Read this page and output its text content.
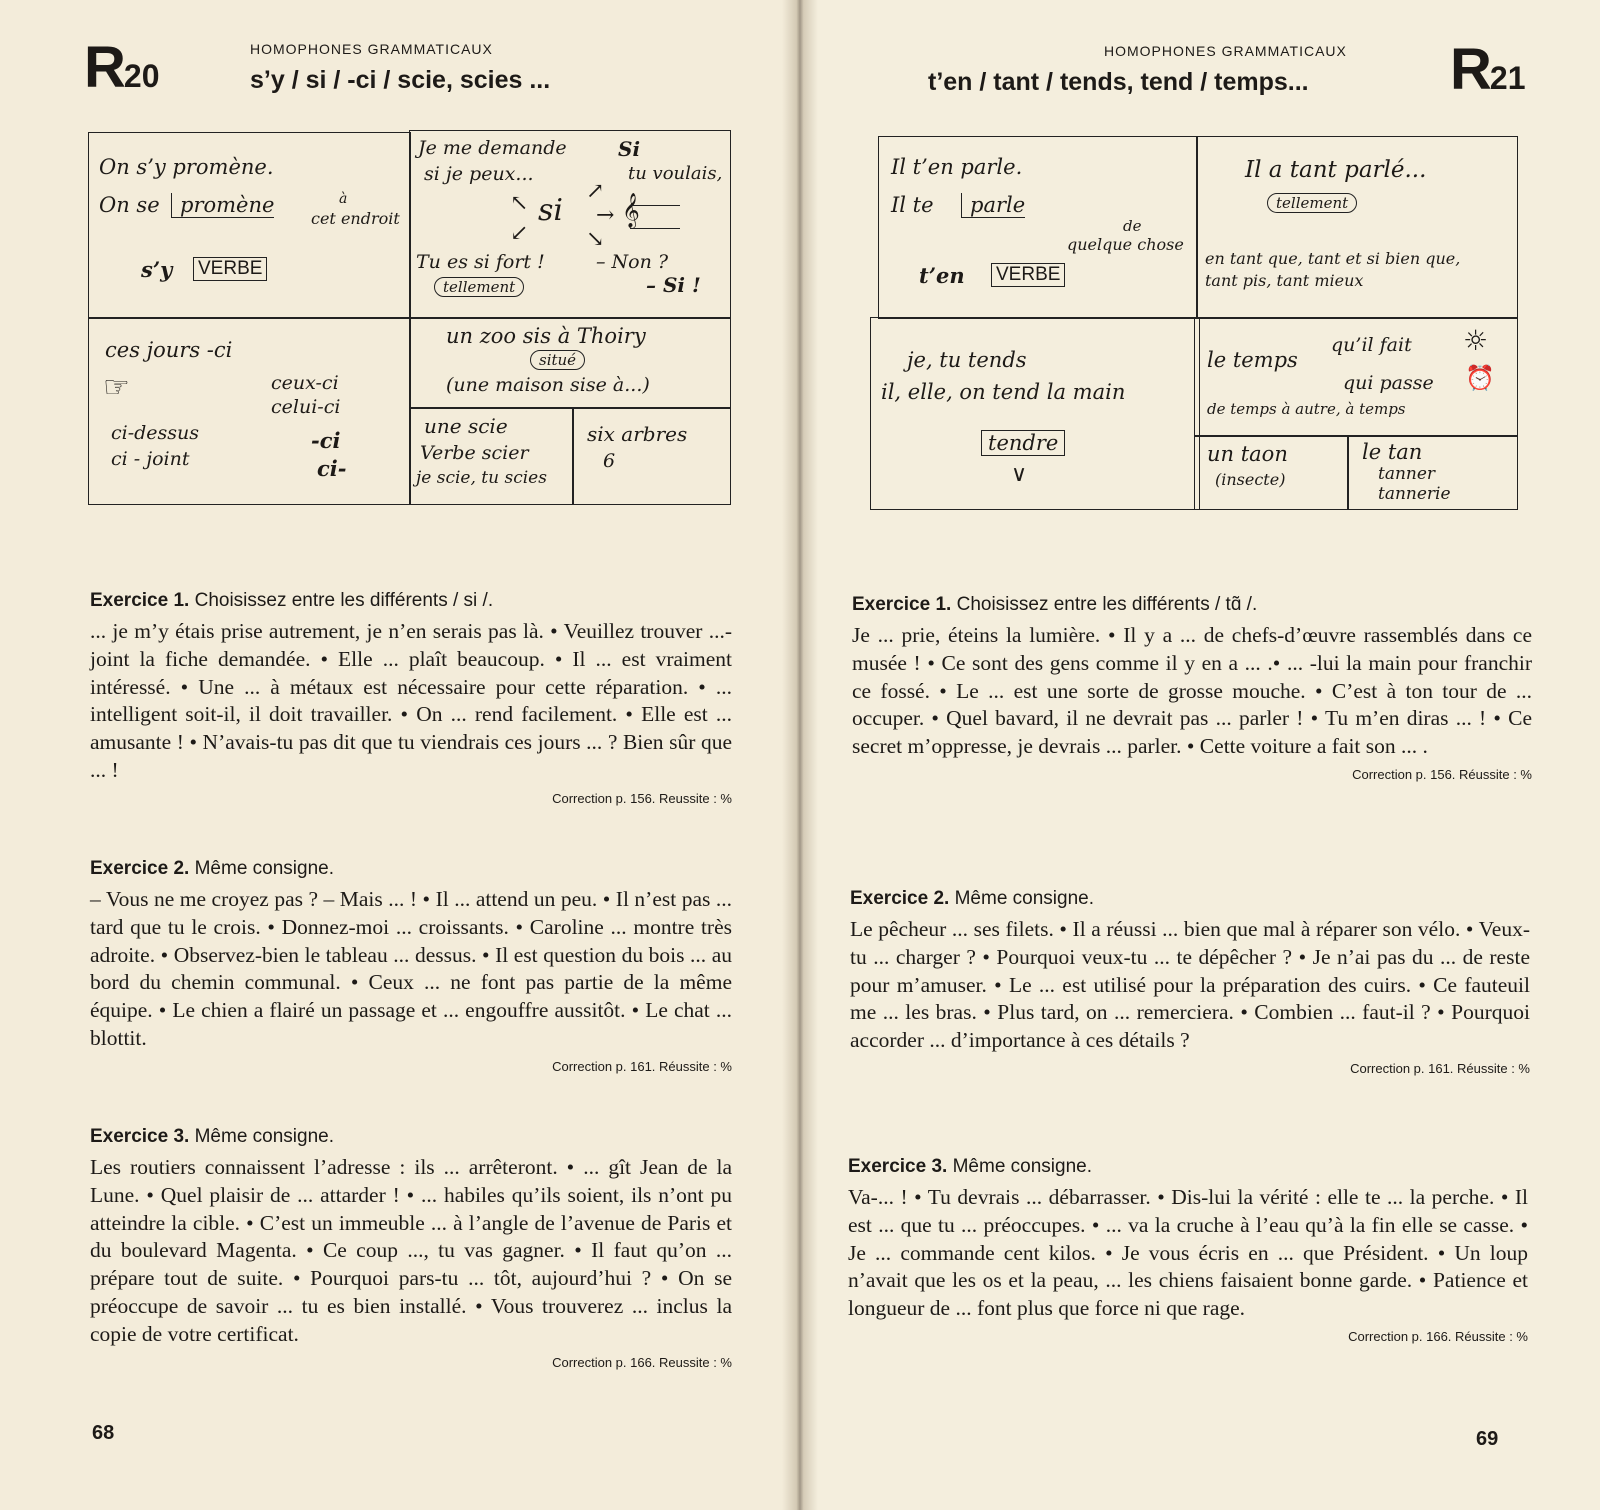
R20
HOMOPHONES GRAMMATICAUX
s’y / si / -ci / scie, scies ...
On s’y promène.
On se promène	à
cet endroit
s’y VERBE
Je me demande
si je peux...
Si
tu voulais,
si
↖	↗
→
↙	↘
𝄞
Tu es si fort !
tellement
– Non ?
– Si !
ces jours -ci
☞	ceux-ci
celui-ci
ci-dessus
ci - joint
-ci
ci-
un zoo sis à Thoiry
situé
(une maison sise à...)
une scie
Verbe scier
je scie, tu scies
six arbres
6
Exercice 1. Choisissez entre les différents / si /.
... je m’y étais prise autrement, je n’en serais pas là. • Veuillez trouver ...-joint la fiche demandée. • Elle ... plaît beaucoup. • Il ... est vraiment intéressé. • Une ... à métaux est nécessaire pour cette réparation. • ... intelligent soit-il, il doit travailler. • On ... rend facilement. • Elle est ... amusante ! • N’avais-tu pas dit que tu viendrais ces jours ... ? Bien sûr que ... !
Correction p. 156. Reussite : %
Exercice 2. Même consigne.
– Vous ne me croyez pas ? – Mais ... ! • Il ... attend un peu. • Il n’est pas ... tard que tu le crois. • Donnez-moi ... croissants. • Caroline ... montre très adroite. • Observez-bien le tableau ... dessus. • Il est question du bois ... au bord du chemin communal. • Ceux ... ne font pas partie de la même équipe. • Le chien a flairé un passage et ... engouffre aussitôt. • Le chat ... blottit.
Correction p. 161. Réussite : %
Exercice 3. Même consigne.
Les routiers connaissent l’adresse : ils ... arrêteront. • ... gît Jean de la Lune. • Quel plaisir de ... attarder ! • ... habiles qu’ils soient, ils n’ont pu atteindre la cible. • C’est un immeuble ... à l’angle de l’avenue de Paris et du boulevard Magenta. • Ce coup ..., tu vas gagner. • Il faut qu’on ... prépare tout de suite. • Pourquoi pars-tu ... tôt, aujourd’hui ? • On se préoccupe de savoir ... tu es bien installé. • Vous trouverez ... inclus la copie de votre certificat.
Correction p. 166. Reussite : %
68
HOMOPHONES GRAMMATICAUX
t’en / tant / tends, tend / temps... R21
Il t’en parle.
Il te	parle
de
quelque chose
t’en VERBE
Il a tant parlé...
tellement
en tant que, tant et si bien que,
tant pis, tant mieux
je, tu tends
il, elle, on tend la main
tendre
∨
le temps
qu’il fait
qui passe
☼
⏰
de temps à autre, à temps
un taon
(insecte)
le tan
tanner
tannerie
Exercice 1. Choisissez entre les différents / tɑ̃ /.
Je ... prie, éteins la lumière. • Il y a ... de chefs-d’œuvre rassemblés dans ce musée ! • Ce sont des gens comme il y en a ... .• ... -lui la main pour franchir ce fossé. • Le ... est une sorte de grosse mouche. • C’est à ton tour de ... occuper. • Quel bavard, il ne devrait pas ... parler ! • Tu m’en diras ... ! • Ce secret m’oppresse, je devrais ... parler. • Cette voiture a fait son ... .
Correction p. 156. Réussite : %
Exercice 2. Même consigne.
Le pêcheur ... ses filets. • Il a réussi ... bien que mal à réparer son vélo. • Veux-tu ... charger ? • Pourquoi veux-tu ... te dépêcher ? • Je n’ai pas du ... de reste pour m’amuser. • Le ... est utilisé pour la préparation des cuirs. • Ce fauteuil me ... les bras. • Plus tard, on ... remerciera. • Combien ... faut-il ? • Pourquoi accorder ... d’importance à ces détails ?
Correction p. 161. Réussite : %
Exercice 3. Même consigne.
Va-... ! • Tu devrais ... débarrasser. • Dis-lui la vérité : elle te ... la perche. • Il est ... que tu ... préoccupes. • ... va la cruche à l’eau qu’à la fin elle se casse. • Je ... commande cent kilos. • Je vous écris en ... que Président. • Un loup n’avait que les os et la peau, ... les chiens faisaient bonne garde. • Patience et longueur de ... font plus que force ni que rage.
Correction p. 166. Réussite : %
69
